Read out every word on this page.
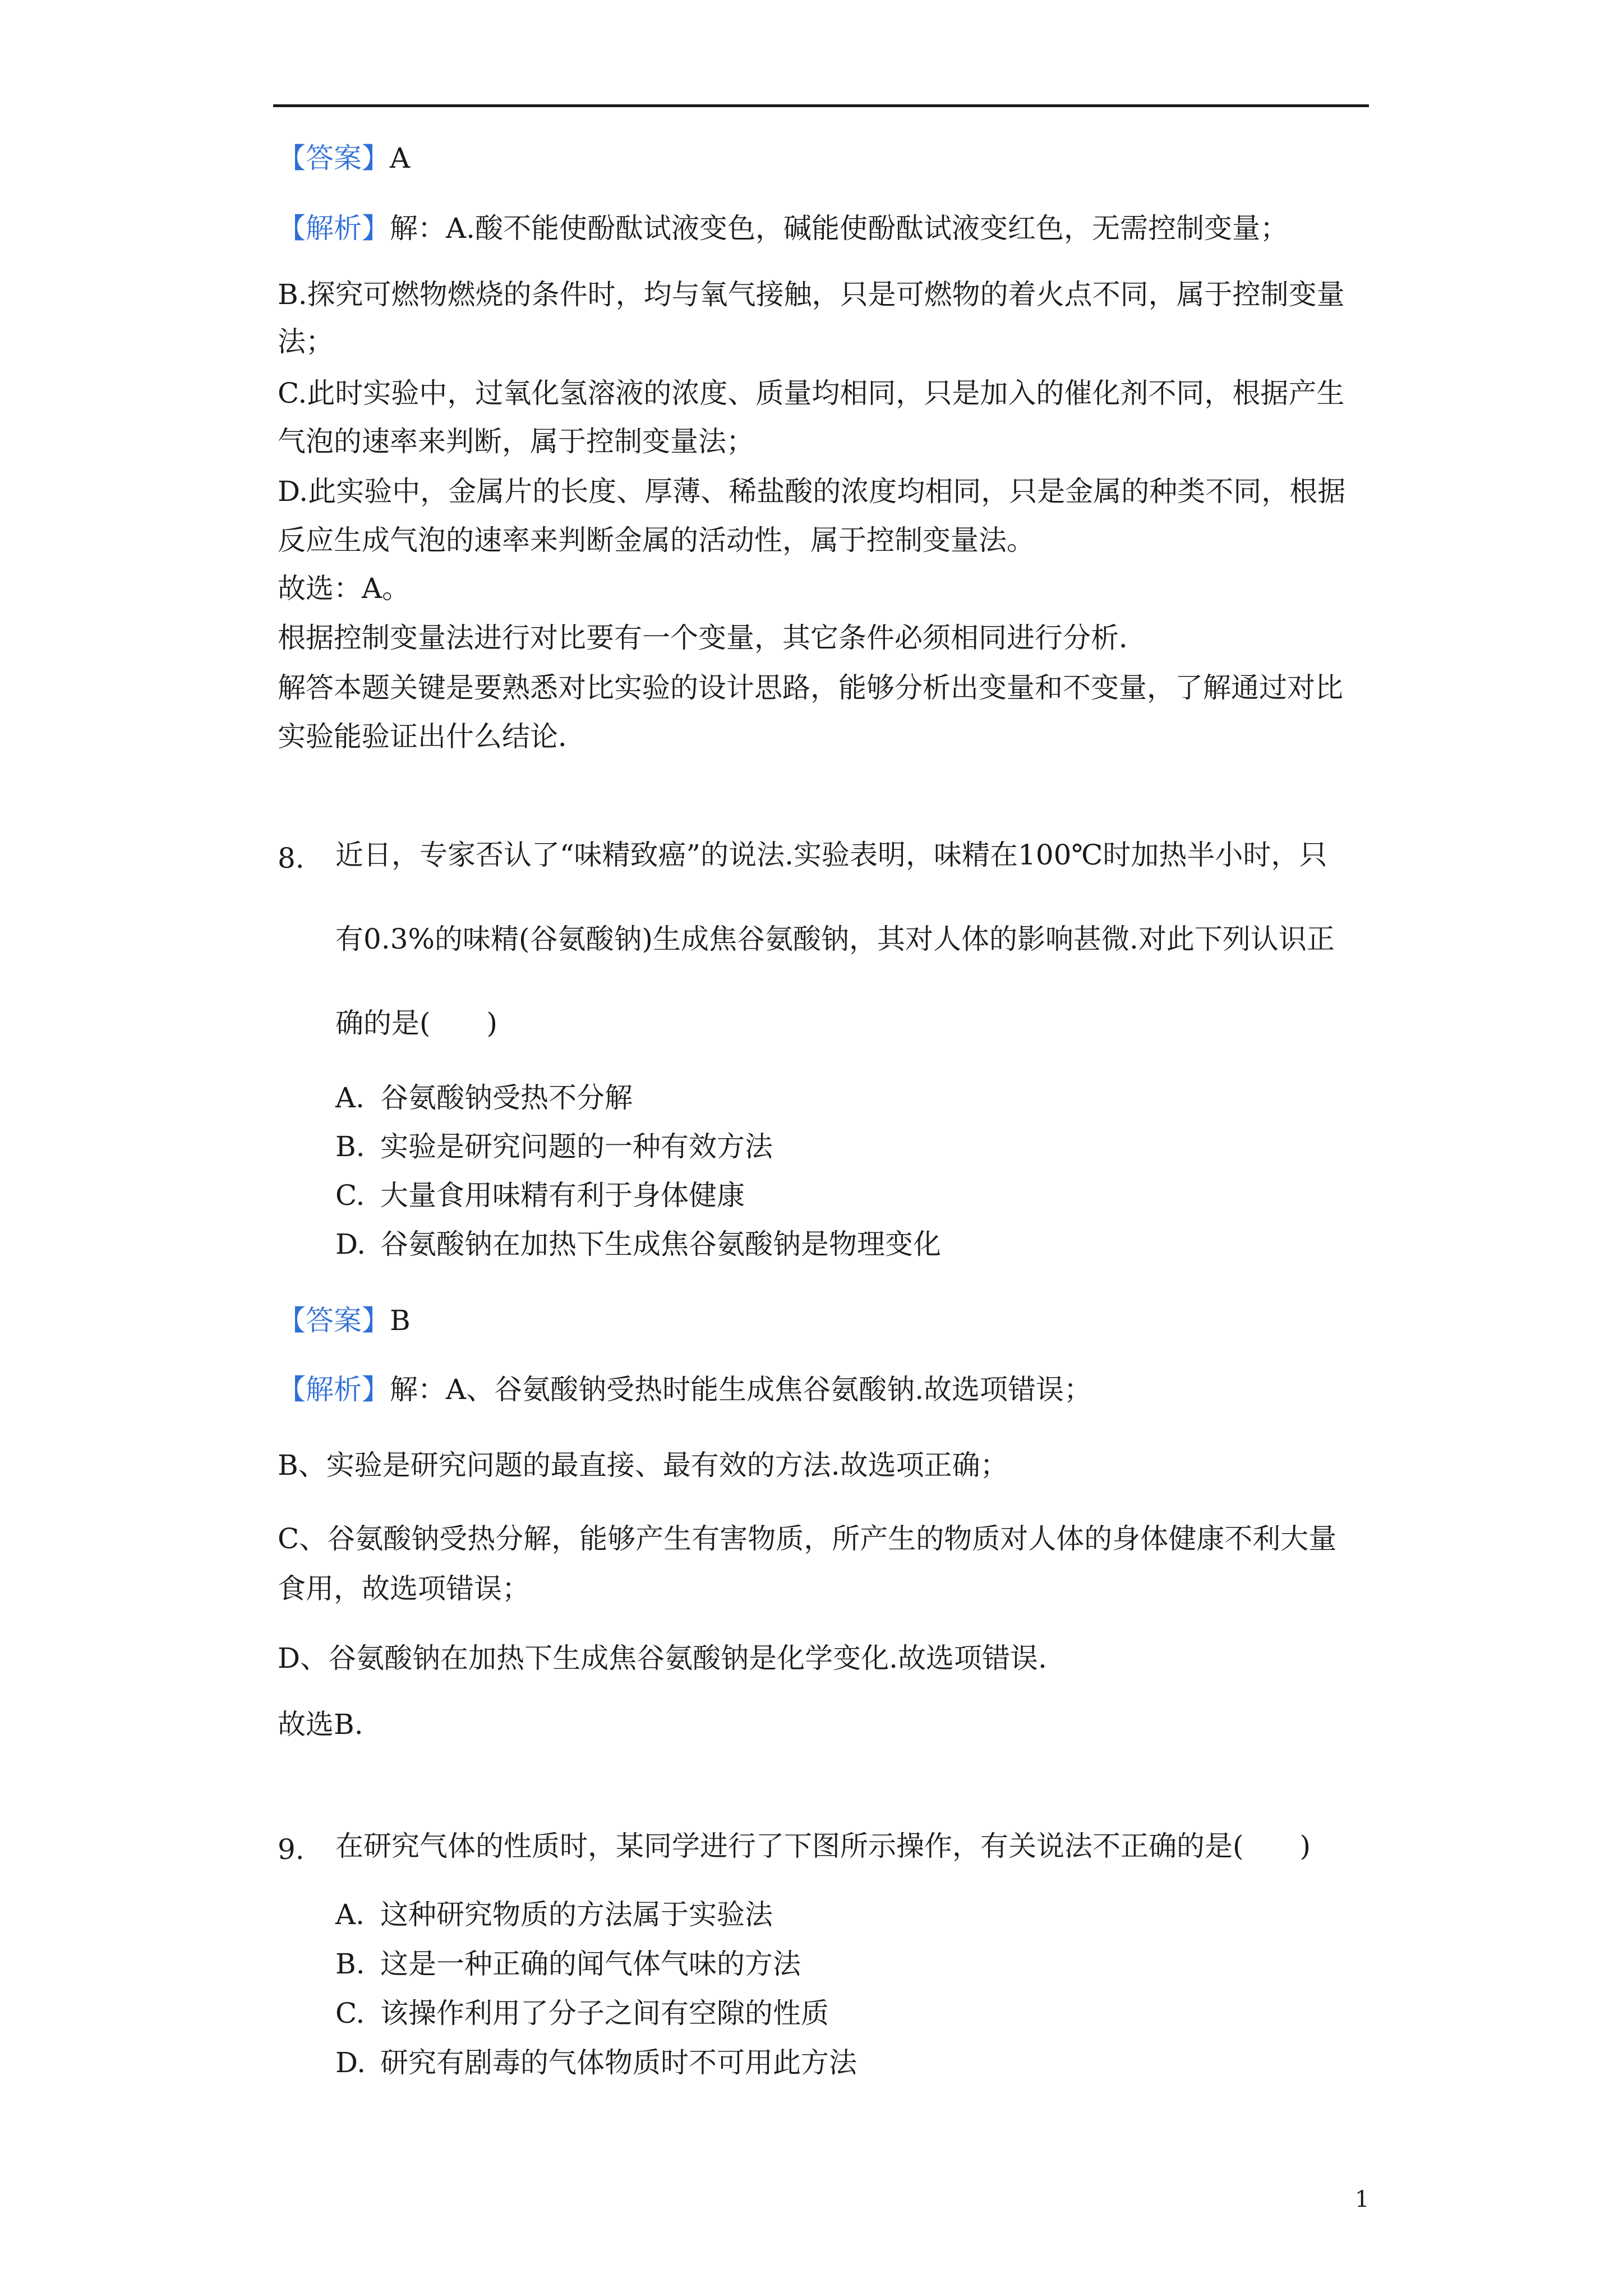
【答案】A
【解析】解：A.酸不能使酚酞试液变色，碱能使酚酞试液变红色，无需控制变量；
B.探究可燃物燃烧的条件时，均与氧气接触，只是可燃物的着火点不同，属于控制变量
法；
C.此时实验中，过氧化氢溶液的浓度、质量均相同，只是加入的催化剂不同，根据产生
气泡的速率来判断，属于控制变量法；
D.此实验中，金属片的长度、厚薄、稀盐酸的浓度均相同，只是金属的种类不同，根据
反应生成气泡的速率来判断金属的活动性，属于控制变量法。
故选：A。
根据控制变量法进行对比要有一个变量，其它条件必须相同进行分析．
解答本题关键是要熟悉对比实验的设计思路，能够分析出变量和不变量，了解通过对比
实验能验证出什么结论．
8. 近日，专家否认了“味精致癌”的说法.实验表明，味精在100℃时加热半小时，只
有0.3%的味精(谷氨酸钠)生成焦谷氨酸钠，其对人体的影响甚微.对此下列认识正
确的是(　　)
A. 谷氨酸钠受热不分解
B. 实验是研究问题的一种有效方法
C. 大量食用味精有利于身体健康
D. 谷氨酸钠在加热下生成焦谷氨酸钠是物理变化
【答案】B
【解析】解：A、谷氨酸钠受热时能生成焦谷氨酸钠.故选项错误；
B、实验是研究问题的最直接、最有效的方法.故选项正确；
C、谷氨酸钠受热分解，能够产生有害物质，所产生的物质对人体的身体健康不利大量
食用，故选项错误；
D、谷氨酸钠在加热下生成焦谷氨酸钠是化学变化.故选项错误.
故选B.
9. 在研究气体的性质时，某同学进行了下图所示操作，有关说法不正确的是(　　)
A. 这种研究物质的方法属于实验法
B. 这是一种正确的闻气体气味的方法
C. 该操作利用了分子之间有空隙的性质
D. 研究有剧毒的气体物质时不可用此方法
1
